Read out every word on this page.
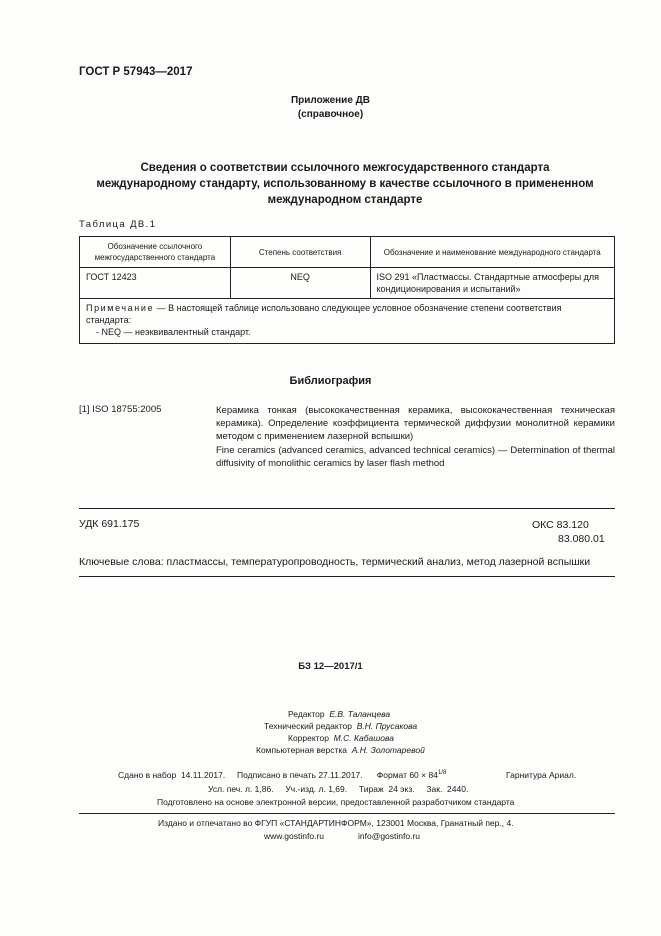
ГОСТ Р 57943—2017
Приложение ДВ
(справочное)
Сведения о соответствии ссылочного межгосударственного стандарта международному стандарту, использованному в качестве ссылочного в примененном международном стандарте
Таблица ДВ.1
Обозначение ссылочного межгосударственного стандарта	Степень соответствия	Обозначение и наименование международного стандарта
ГОСТ 12423	NEQ	ISO 291 «Пластмассы. Стандартные атмосферы для кондиционирования и испытаний»
Примечание — В настоящей таблице использовано следующее условное обозначение степени соответствия стандарта:
- NEQ — неэквивалентный стандарт.		
Библиография
[1] ISO 18755:2005	Керамика тонкая (высококачественная керамика, высококачественная техническая керамика). Определение коэффициента термической диффузии монолитной керамики методом с применением лазерной вспышки)
Fine ceramics (advanced ceramics, advanced technical ceramics) — Determination of thermal diffusivity of monolithic ceramics by laser flash method
УДК 691.175	ОКС 83.120
83.080.01
Ключевые слова: пластмассы, температуропроводность, термический анализ, метод лазерной вспышки
БЗ 12—2017/1
Редактор Е.В. Таланцева
Технический редактор В.Н. Прусакова
Корректор М.С. Кабашова
Компьютерная верстка А.Н. Золотаревой
Сдано в набор  14.11.2017.     Подписано в печать 27.11.2017.      Формат $60 \times 84^{1/8}$	Гарнитура Ариал.
Усл. печ. л. 1,86.     Уч.-изд. л. 1,69.     Тираж  24 экз.     Зак.  2440.
Подготовлено на основе электронной версии, предоставленной разработчиком стандарта
Издано и отпечатано во ФГУП «СТАНДАРТИНФОРМ», 123001 Москва, Гранатный пер., 4.
www.gostinfo.ru	info@gostinfo.ru
